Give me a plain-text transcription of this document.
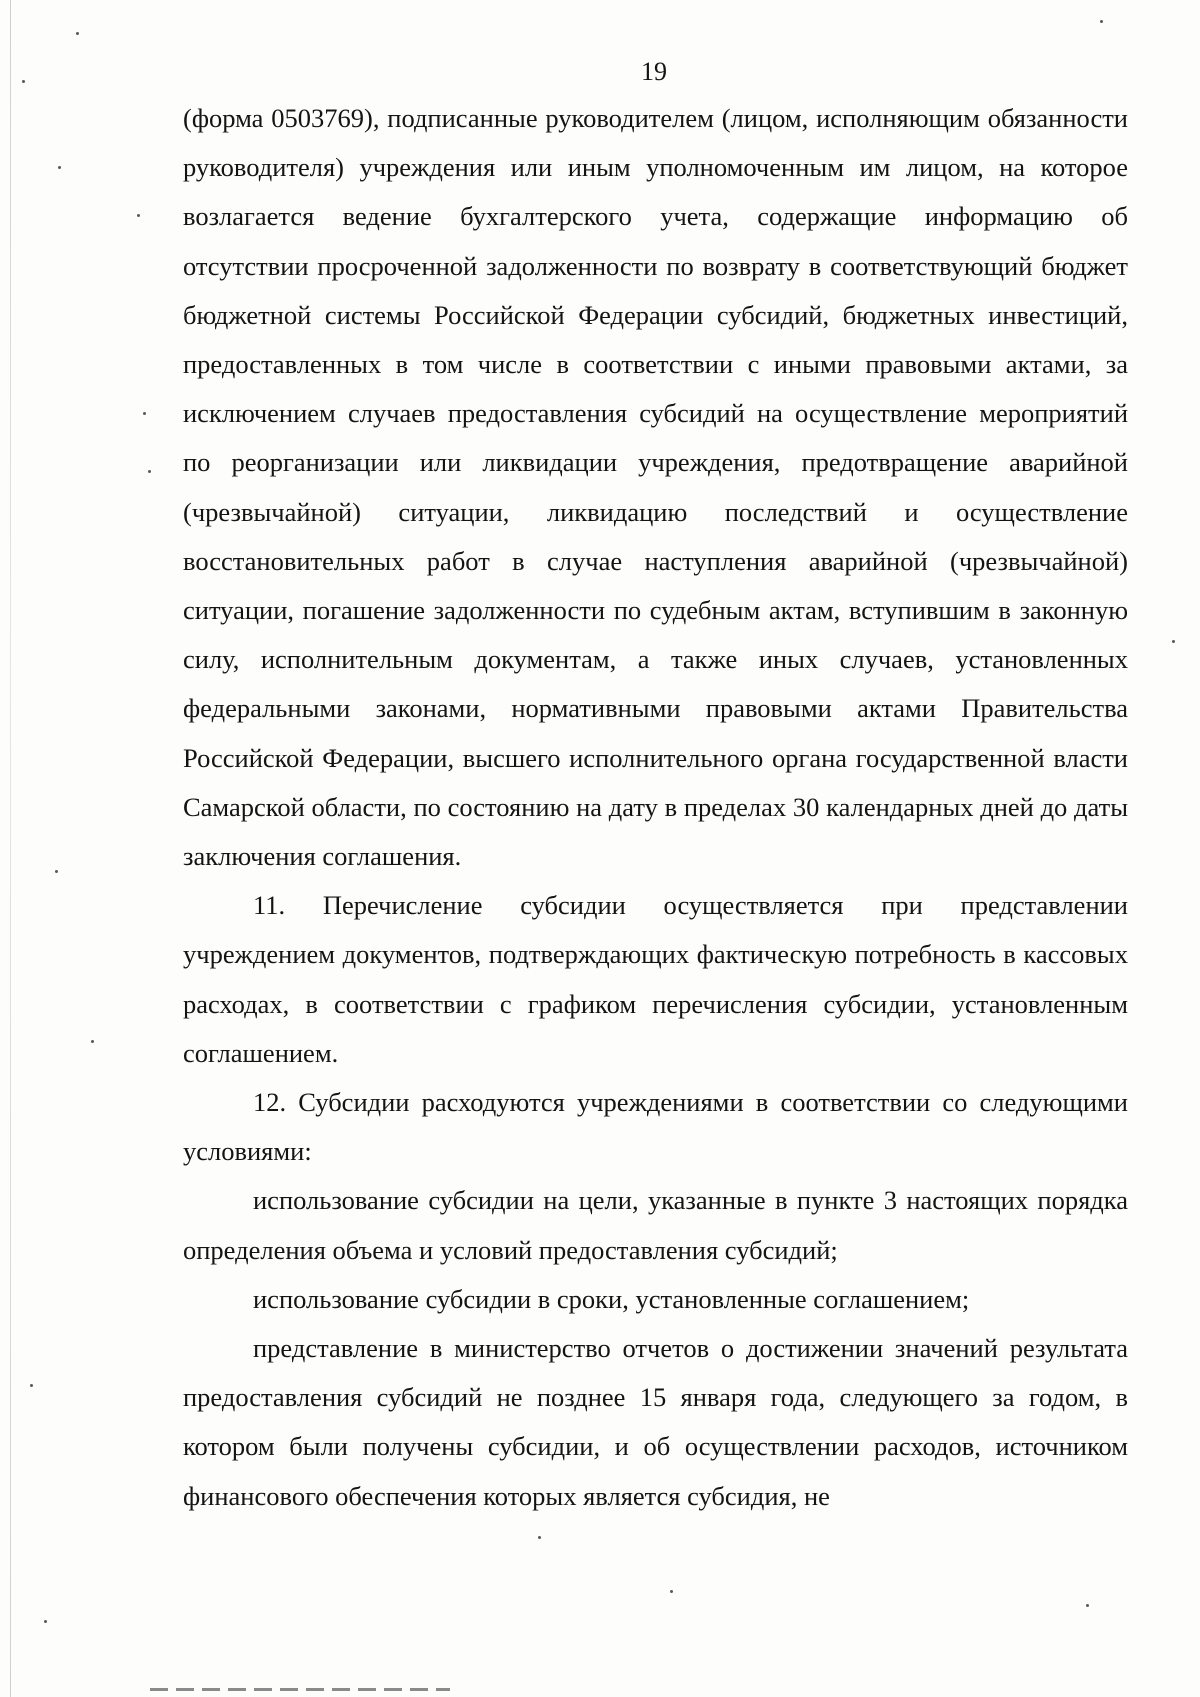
19

(форма 0503769), подписанные руководителем (лицом, исполняющим обязанности руководителя) учреждения или иным уполномоченным им лицом, на которое возлагается ведение бухгалтерского учета, содержащие информацию об отсутствии просроченной задолженности по возврату в соответствующий бюджет бюджетной системы Российской Федерации субсидий, бюджетных инвестиций, предоставленных в том числе в соответствии с иными правовыми актами, за исключением случаев предоставления субсидий на осуществление мероприятий по реорганизации или ликвидации учреждения, предотвращение аварийной (чрезвычайной) ситуации, ликвидацию последствий и осуществление восстановительных работ в случае наступления аварийной (чрезвычайной) ситуации, погашение задолженности по судебным актам, вступившим в законную силу, исполнительным документам, а также иных случаев, установленных федеральными законами, нормативными правовыми актами Правительства Российской Федерации, высшего исполнительного органа государственной власти Самарской области, по состоянию на дату в пределах 30 календарных дней до даты заключения соглашения.

11. Перечисление субсидии осуществляется при представлении учреждением документов, подтверждающих фактическую потребность в кассовых расходах, в соответствии с графиком перечисления субсидии, установленным соглашением.

12. Субсидии расходуются учреждениями в соответствии со следующими условиями:

использование субсидии на цели, указанные в пункте 3 настоящих порядка определения объема и условий предоставления субсидий;

использование субсидии в сроки, установленные соглашением;

представление в министерство отчетов о достижении значений результата предоставления субсидий не позднее 15 января года, следующего за годом, в котором были получены субсидии, и об осуществлении расходов, источником финансового обеспечения которых является субсидия, не
